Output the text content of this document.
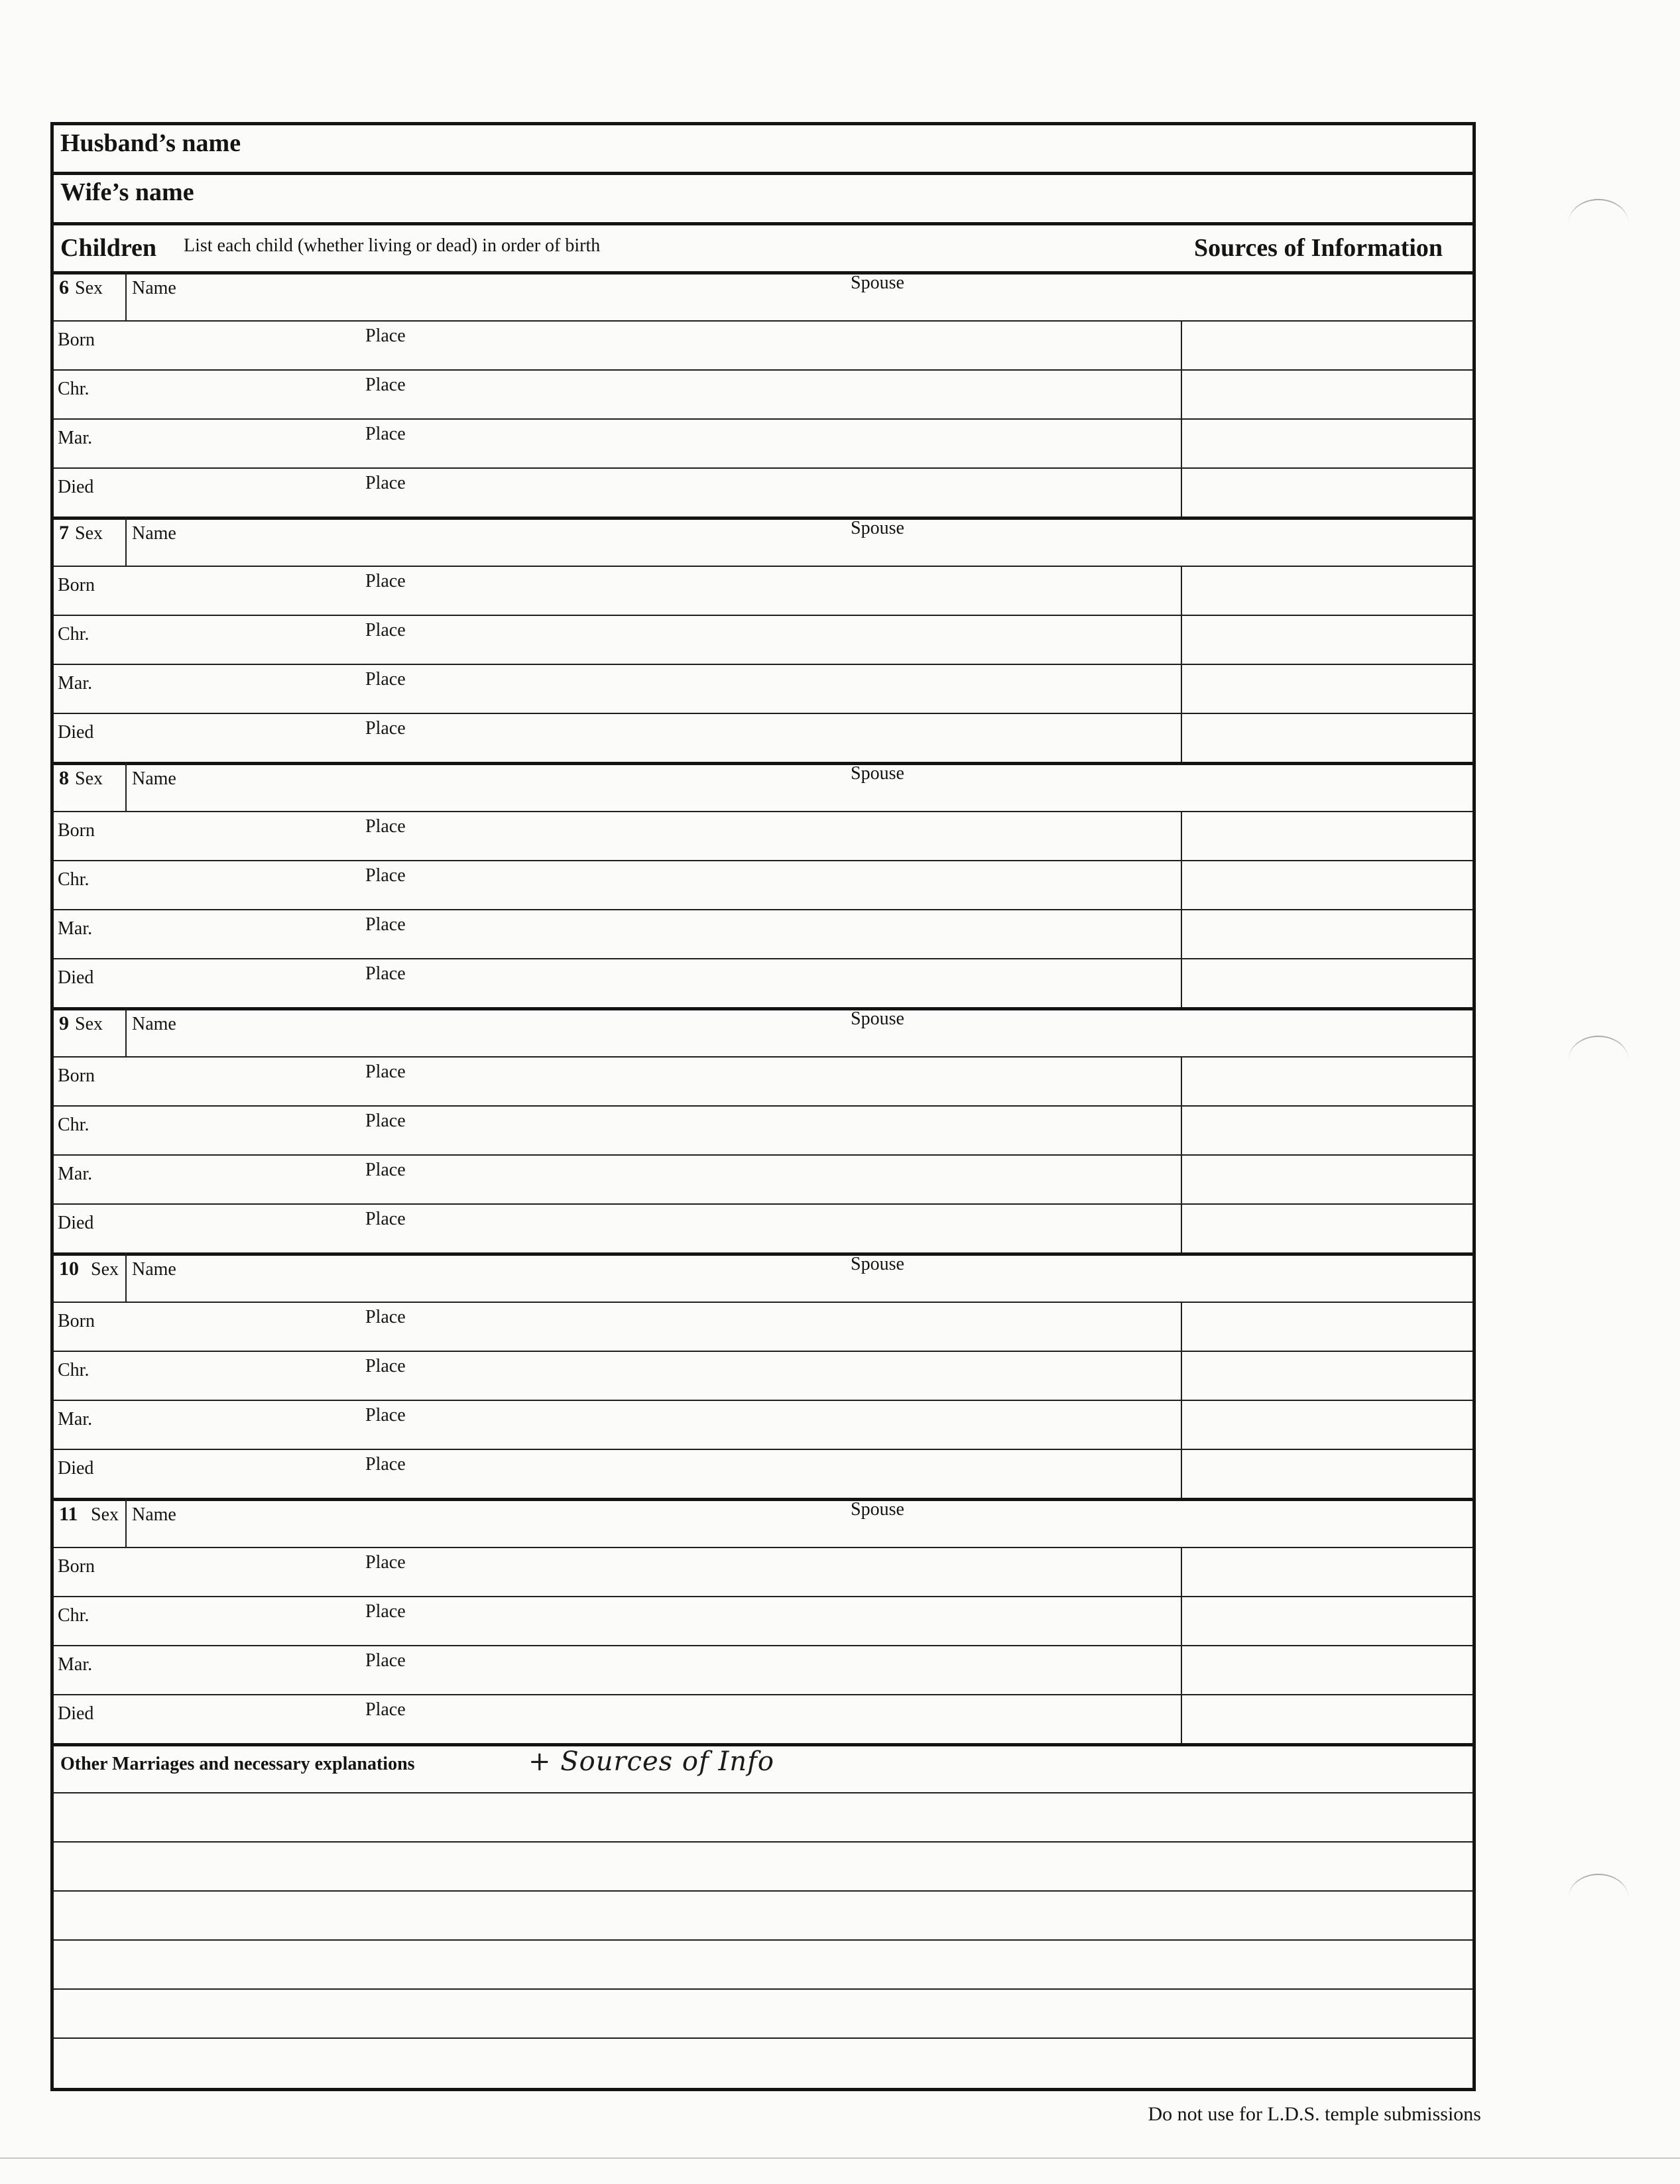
Husband’s name
Wife’s name
Children List each child (whether living or dead) in order of birth	Sources of Information
6 Sex Name	Spouse
Born	Place
Chr.	Place
Mar.	Place
Died	Place
7 Sex Name	Spouse
Born	Place
Chr.	Place
Mar.	Place
Died	Place
8 Sex Name	Spouse
Born	Place
Chr.	Place
Mar.	Place
Died	Place
9 Sex Name	Spouse
Born	Place
Chr.	Place
Mar.	Place
Died	Place
10 Sex Name	Spouse
Born	Place
Chr.	Place
Mar.	Place
Died	Place
11 Sex Name	Spouse
Born	Place
Chr.	Place
Mar.	Place
Died	Place
Other Marriages and necessary explanations	+ Sources of Info
Do not use for L.D.S. temple submissions
